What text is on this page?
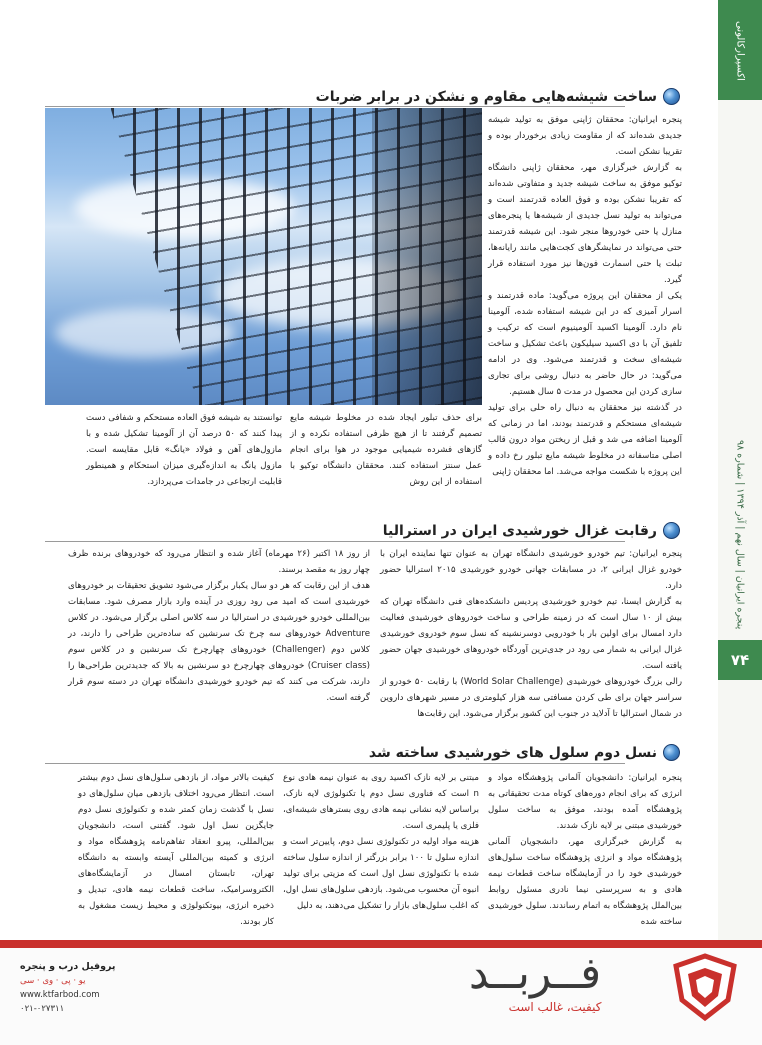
اکسپرارکالونی
پنجره ایرانیان | سال نهم | آذر ۱۳۹۴ | شماره ۹۸
۷۴
ساخت شیشه‌هایی مقاوم و نشکن در برابر ضربات

پنجره ایرانیان: محققان ژاپنی موفق به تولید شیشه جدیدی شده‌اند که از مقاومت زیادی برخوردار بوده و تقریبا نشکن است.

به گزارش خبرگزاری مهر، محققان ژاپنی دانشگاه توکیو موفق به ساخت شیشه جدید و متفاوتی شده‌اند که تقریبا نشکن بوده و فوق العاده قدرتمند است و می‌تواند به تولید نسل جدیدی از شیشه‌ها یا پنجره‌های منازل یا حتی خودروها منجر شود. این شیشه قدرتمند حتی می‌تواند در نمایشگرهای کجت‌هایی مانند رایانه‌ها، تبلت یا حتی اسمارت فون‌ها نیز مورد استفاده قرار گیرد.

یکی از محققان این پروژه می‌گوید: ماده قدرتمند و اسرار آمیزی که در این شیشه استفاده شده، آلومینا نام دارد. آلومینا اکسید آلومینیوم است که ترکیب و تلفیق آن با دی اکسید سیلیکون باعث تشکیل و ساخت شیشه‌ای سخت و قدرتمند می‌شود. وی در ادامه می‌گوید: در حال حاضر به دنبال روشی برای تجاری سازی کردن این محصول در مدت ۵ سال هستیم.

در گذشته نیز محققان به دنبال راه حلی برای تولید شیشه‌ای مستحکم و قدرتمند بودند، اما در زمانی که آلومینا اضافه می شد و قبل از ریختن مواد درون قالب اصلی متاسفانه در مخلوط شیشه مایع تبلور رخ داده و این پروژه با شکست مواجه می‌شد. اما محققان ژاپنی

برای حذف تبلور ایجاد شده در مخلوط شیشه مایع تصمیم گرفتند تا از هیچ ظرفی استفاده نکرده و از گازهای فشرده شیمیایی موجود در هوا برای انجام عمل سنتز استفاده کنند. محققان دانشگاه توکیو با استفاده از این روش
توانستند به شیشه فوق العاده مستحکم و شفافی دست پیدا کنند که ۵۰ درصد آن از آلومینا تشکیل شده و با مازول‌های آهن و فولاد «یانگ» قابل مقایسه است. مازول یانگ به اندازه‌گیری میزان استحکام و همینطور قابلیت ارتجاعی در جامدات می‌پردازد.
رقابت غزال خورشیدی ایران در استرالیا

پنجره ایرانیان: تیم خودرو خورشیدی دانشگاه تهران به عنوان تنها نماینده ایران با خودرو غزال ایرانی ۲، در مسابقات جهانی خودرو خورشیدی ۲۰۱۵ استرالیا حضور دارد.

به گزارش ایسنا، تیم خودرو خورشیدی پردیس دانشکده‌های فنی دانشگاه تهران که بیش از ۱۰ سال است که در زمینه طراحی و ساخت خودروهای خورشیدی فعالیت دارد امسال برای اولین بار با خودرویی دوسرنشینه که نسل سوم خودروی خورشیدی غزال ایرانی به شمار می رود در جدی‌ترین آوردگاه خودروهای خورشیدی جهان حضور یافته است.

رالی بزرگ خودروهای خورشیدی (World Solar Challenge) با رقابت ۵۰ خودرو از سراسر جهان برای طی کردن مسافتی سه هزار کیلومتری در مسیر شهرهای داروین در شمال استرالیا تا آدلاید در جنوب این کشور برگزار می‌شود. این رقابت‌ها

از روز ۱۸ اکتبر (۲۶ مهرماه) آغاز شده و انتظار می‌رود که خودروهای برنده ظرف چهار روز به مقصد برسند.

هدف از این رقابت که هر دو سال یکبار برگزار می‌شود تشویق تحقیقات بر خودروهای خورشیدی است که امید می رود روزی در آینده وارد بازار مصرف شود. مسابقات بین‌المللی خودرو خورشیدی در استرالیا در سه کلاس اصلی برگزار می‌شود. در کلاس Adventure خودروهای سه چرخ تک سرنشین که ساده‌ترین طراحی را دارند، در کلاس دوم (Challenger) خودروهای چهارچرخ تک سرنشین و در کلاس سوم (Cruiser class) خودروهای چهارچرخ دو سرنشین به بالا که جدیدترین طراحی‌ها را دارند، شرکت می کنند که تیم خودرو خورشیدی دانشگاه تهران در دسته سوم قرار گرفته است.

نسل دوم سلول های خورشیدی ساخته شد

پنجره ایرانیان: دانشجویان آلمانی پژوهشگاه مواد و انرژی که برای انجام دوره‌های کوتاه مدت تحقیقاتی به پژوهشگاه آمده بودند، موفق به ساخت سلول خورشیدی مبتنی بر لایه نازک شدند.

به گزارش خبرگزاری مهر، دانشجویان آلمانی پژوهشگاه مواد و انرژی پژوهشگاه ساخت سلول‌های خورشیدی خود را در آزمایشگاه ساخت قطعات نیمه هادی و به سرپرستی نیما نادری مسئول روابط بین‌الملل پژوهشگاه به اتمام رساندند. سلول خورشیدی ساخته شده

مبتنی بر لایه نازک اکسید روی به عنوان نیمه هادی نوع n است که فناوری نسل دوم یا تکنولوژی لایه نازک، براساس لایه نشانی نیمه هادی روی بسترهای شیشه‌ای، فلزی یا پلیمری است.

هزینه مواد اولیه در تکنولوژی نسل دوم، پایین‌تر است و اندازه سلول تا ۱۰۰ برابر بزرگتر از اندازه سلول ساخته شده با تکنولوژی نسل اول است که مزیتی برای تولید انبوه آن محسوب می‌شود. بازدهی سلول‌های نسل اول، که اغلب سلول‌های بازار را تشکیل می‌دهند، به دلیل

کیفیت بالاتر مواد، از بازدهی سلول‌های نسل دوم بیشتر است. انتظار می‌رود اختلاف بازدهی میان سلول‌های دو نسل با گذشت زمان کمتر شده و تکنولوژی نسل دوم جایگزین نسل اول شود. گفتنی است، دانشجویان بین‌المللی، پیرو انعقاد تفاهم‌نامه پژوهشگاه مواد و انرژی و کمیته بین‌المللی آیسته وابسته به دانشگاه تهران، تابستان امسال در آزمایشگاه‌های الکتروسرامیک، ساخت قطعات نیمه هادی، تبدیل و ذخیره انرژی، بیوتکنولوژی و محیط زیست مشغول به کار بودند.

فــربــد
کیفیت، غالب است
پروفیل درب و پنجره
یو · پی · وی · سی
www.ktfarbod.com
۰۲۱-۰۲۷۳۱۱
